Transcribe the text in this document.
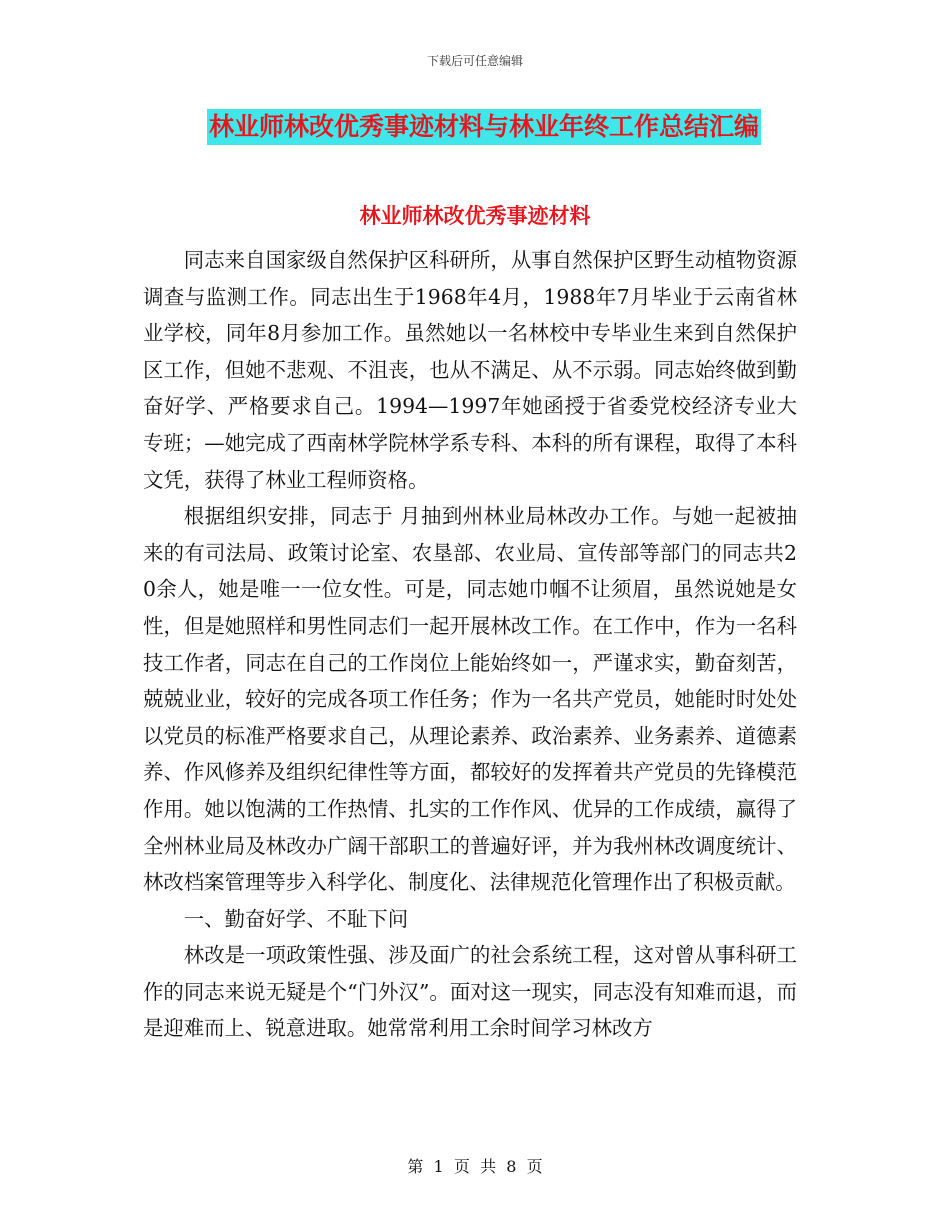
下载后可任意编辑
林业师林改优秀事迹材料与林业年终工作总结汇编
林业师林改优秀事迹材料

同志来自国家级自然保护区科研所，从事自然保护区野生动植物资源调查与监测工作。同志出生于1968年4月，1988年7月毕业于云南省林业学校，同年8月参加工作。虽然她以一名林校中专毕业生来到自然保护区工作，但她不悲观、不沮丧，也从不满足、从不示弱。同志始终做到勤奋好学、严格要求自己。1994—1997年她函授于省委党校经济专业大专班；—她完成了西南林学院林学系专科、本科的所有课程，取得了本科文凭，获得了林业工程师资格。

根据组织安排，同志于 月抽到州林业局林改办工作。与她一起被抽来的有司法局、政策讨论室、农垦部、农业局、宣传部等部门的同志共20余人，她是唯一一位女性。可是，同志她巾帼不让须眉，虽然说她是女性，但是她照样和男性同志们一起开展林改工作。在工作中，作为一名科技工作者，同志在自己的工作岗位上能始终如一，严谨求实，勤奋刻苦，兢兢业业，较好的完成各项工作任务；作为一名共产党员，她能时时处处以党员的标准严格要求自己，从理论素养、政治素养、业务素养、道德素养、作风修养及组织纪律性等方面，都较好的发挥着共产党员的先锋模范作用。她以饱满的工作热情、扎实的工作作风、优异的工作成绩，赢得了全州林业局及林改办广阔干部职工的普遍好评，并为我州林改调度统计、林改档案管理等步入科学化、制度化、法律规范化管理作出了积极贡献。

一、勤奋好学、不耻下问

林改是一项政策性强、涉及面广的社会系统工程，这对曾从事科研工作的同志来说无疑是个“门外汉”。面对这一现实，同志没有知难而退，而是迎难而上、锐意进取。她常常利用工余时间学习林改方

第  1  页  共  8  页
